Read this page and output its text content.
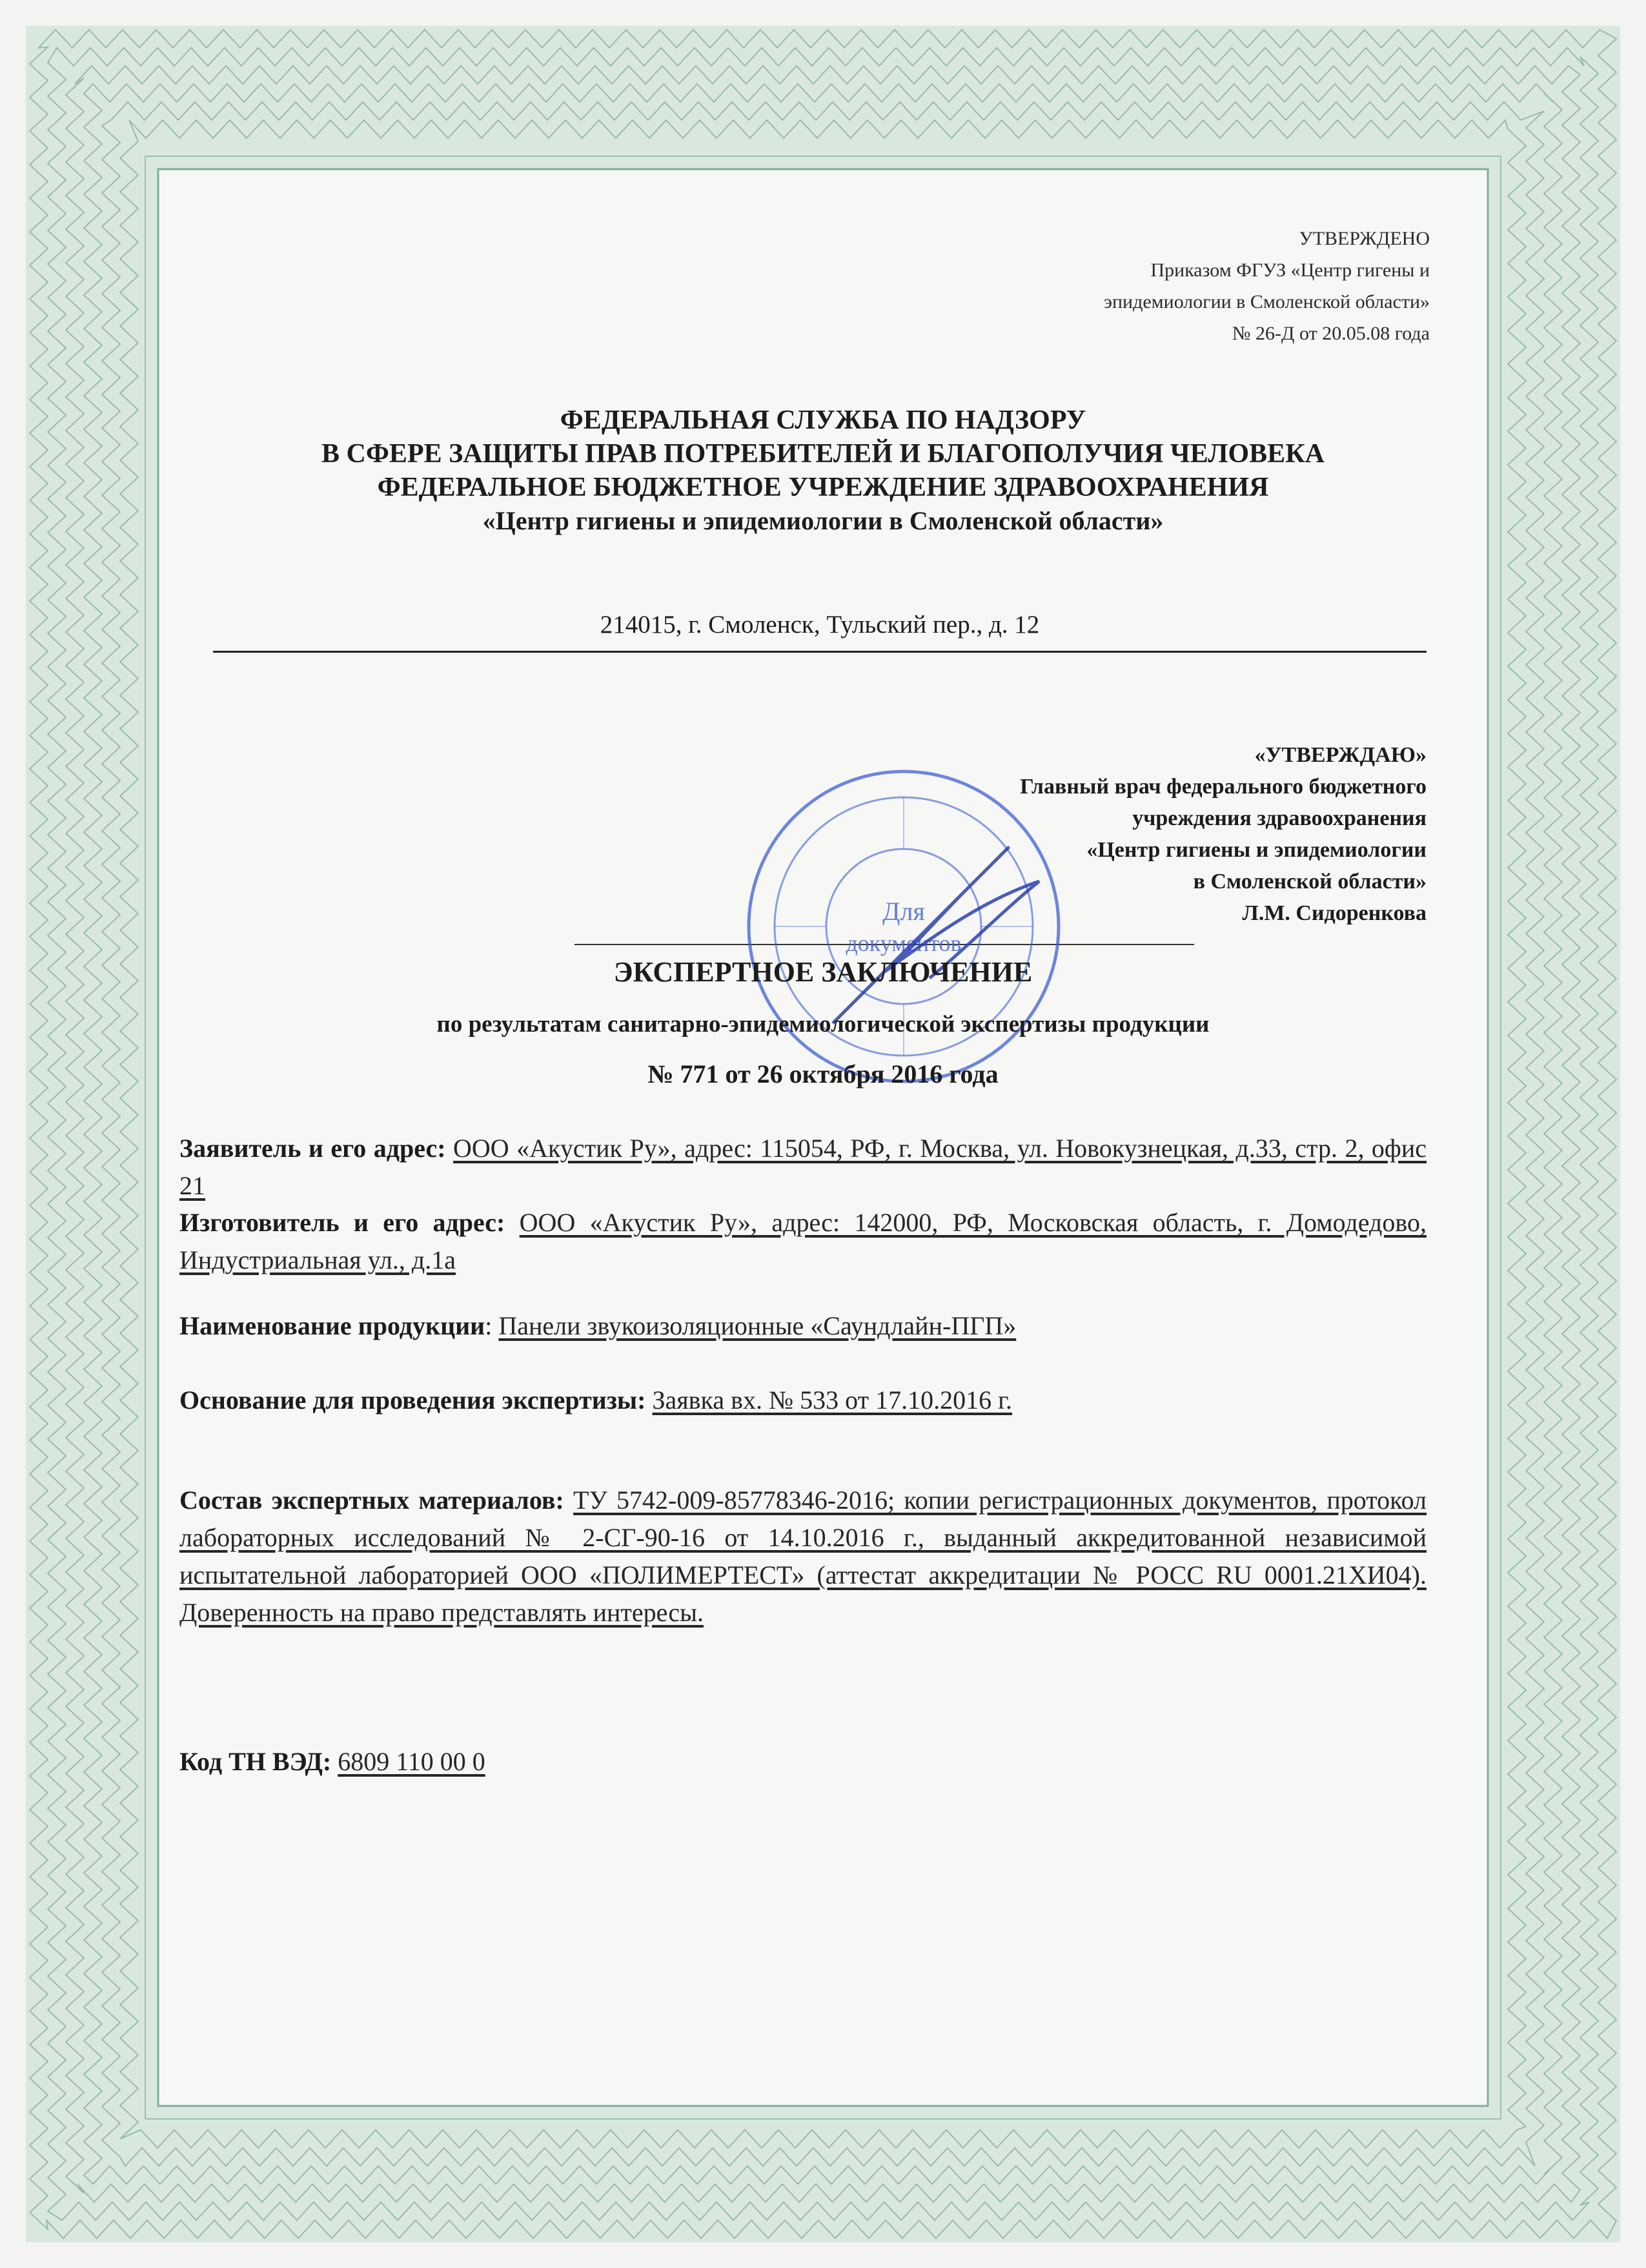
УТВЕРЖДЕНО
Приказом ФГУЗ «Центр гигены и
эпидемиологии в Смоленской области»
№ 26-Д от 20.05.08 года
ФЕДЕРАЛЬНАЯ СЛУЖБА ПО НАДЗОРУ
В СФЕРЕ ЗАЩИТЫ ПРАВ ПОТРЕБИТЕЛЕЙ И БЛАГОПОЛУЧИЯ ЧЕЛОВЕКА
ФЕДЕРАЛЬНОЕ БЮДЖЕТНОЕ УЧРЕЖДЕНИЕ ЗДРАВООХРАНЕНИЯ
«Центр гигиены и эпидемиологии в Смоленской области»
214015, г. Смоленск, Тульский пер., д. 12
«УТВЕРЖДАЮ»
Главный врач федерального бюджетного
учреждения здравоохранения
«Центр гигиены и эпидемиологии
в Смоленской области»
Л.М. Сидоренкова
Для
документов
ЭКСПЕРТНОЕ ЗАКЛЮЧЕНИЕ
по результатам санитарно-эпидемиологической экспертизы продукции
№ 771 от 26 октября 2016 года
Заявитель и его адрес: ООО «Акустик Ру», адрес: 115054, РФ, г. Москва, ул. Новокузнецкая, д.33, стр. 2, офис 21
Изготовитель и его адрес: ООО «Акустик Ру», адрес: 142000, РФ, Московская область, г. Домодедово, Индустриальная ул., д.1а
Наименование продукции: Панели звукоизоляционные «Саундлайн-ПГП»
Основание для проведения экспертизы: Заявка вх. № 533 от 17.10.2016 г.
Состав экспертных материалов: ТУ 5742-009-85778346-2016; копии регистрационных документов, протокол лабораторных исследований № 2-СГ-90-16 от 14.10.2016 г., выданный аккредитованной независимой испытательной лабораторией ООО «ПОЛИМЕРТЕСТ» (аттестат аккредитации № РОСС RU 0001.21ХИ04). Доверенность на право представлять интересы.
Код ТН ВЭД: 6809 110 00 0
